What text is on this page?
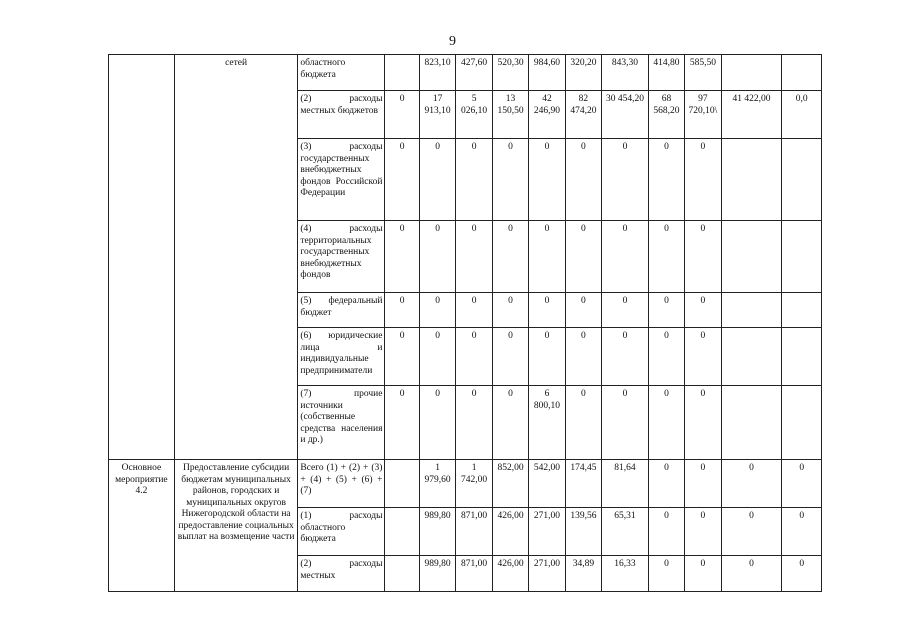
9
	сетей	областного бюджета		823,10	427,60	520,30	984,60	320,20	843,30	414,80	585,50		
		(2) расходы местных бюджетов	0	17 913,10	5 026,10	13 150,50	42 246,90	82 474,20	30 454,20	68 568,20	97 720,10\	41 422,00	0,0
		(3) расходы государственных внебюджетных фондов Российской Федерации	0	0	0	0	0	0	0	0	0		
		(4) расходы территориальных государственных внебюджетных фондов	0	0	0	0	0	0	0	0	0		
		(5) федеральный бюджет	0	0	0	0	0	0	0	0	0		
		(6) юридические лица и индивидуальные предприниматели	0	0	0	0	0	0	0	0	0		
		(7) прочие источники (собственные средства населения и др.)	0	0	0	0	6 800,10	0	0	0	0		
Основное мероприятие 4.2	Предоставление субсидии бюджетам муниципальных районов, городских и муниципальных округов Нижегородской области на предоставление социальных выплат на возмещение части	Всего (1) + (2) + (3) + (4) + (5) + (6) + (7)		1 979,60	1 742,00	852,00	542,00	174,45	81,64	0	0	0	0
		(1) расходы областного бюджета		989,80	871,00	426,00	271,00	139,56	65,31	0	0	0	0
		(2) расходы местных		989,80	871,00	426,00	271,00	34,89	16,33	0	0	0	0
